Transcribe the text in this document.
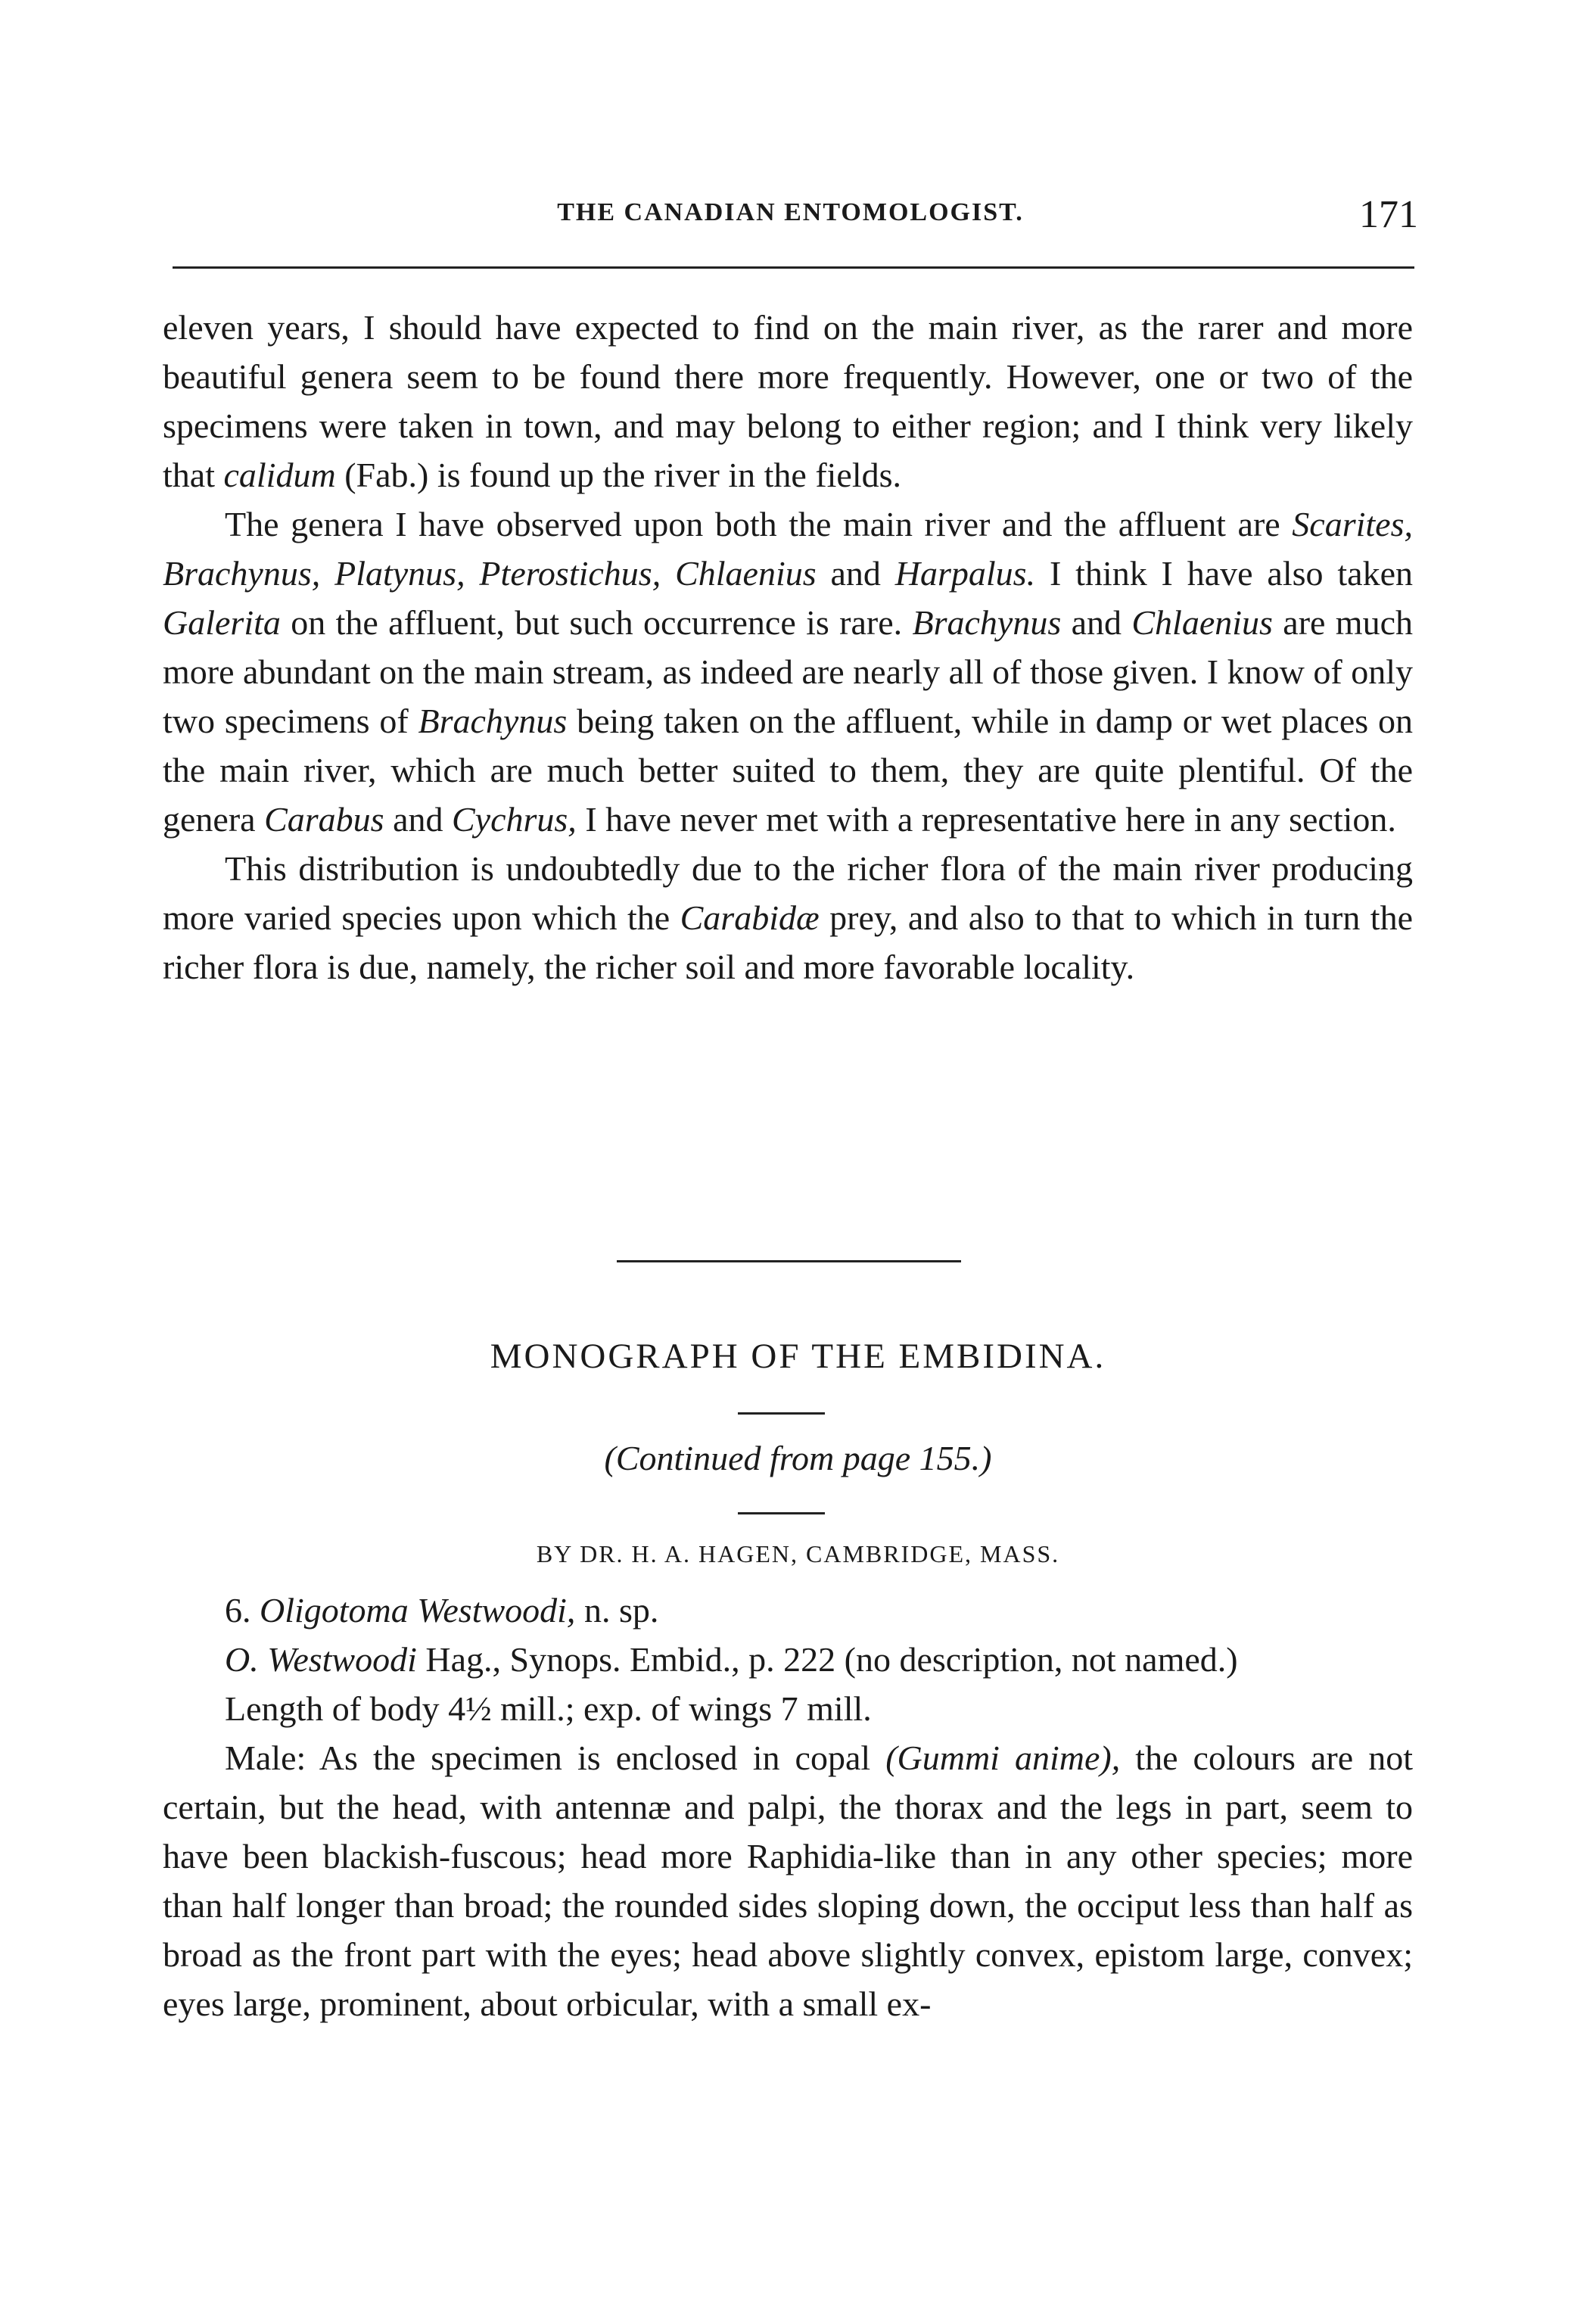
THE CANADIAN ENTOMOLOGIST.	171

eleven years, I should have expected to find on the main river, as the rarer and more beautiful genera seem to be found there more frequently. However, one or two of the specimens were taken in town, and may belong to either region; and I think very likely that calidum (Fab.) is found up the river in the fields.

The genera I have observed upon both the main river and the affluent are Scarites, Brachynus, Platynus, Pterostichus, Chlaenius and Harpalus. I think I have also taken Galerita on the affluent, but such occurrence is rare. Brachynus and Chlaenius are much more abundant on the main stream, as indeed are nearly all of those given. I know of only two specimens of Brachynus being taken on the affluent, while in damp or wet places on the main river, which are much better suited to them, they are quite plentiful. Of the genera Carabus and Cychrus, I have never met with a representative here in any section.

This distribution is undoubtedly due to the richer flora of the main river producing more varied species upon which the Carabidæ prey, and also to that to which in turn the richer flora is due, namely, the richer soil and more favorable locality.

MONOGRAPH OF THE EMBIDINA.
(Continued from page 155.)
BY DR. H. A. HAGEN, CAMBRIDGE, MASS.

6. Oligotoma Westwoodi, n. sp.

O. Westwoodi Hag., Synops. Embid., p. 222 (no description, not named.)

Length of body 4½ mill.; exp. of wings 7 mill.

Male: As the specimen is enclosed in copal (Gummi anime), the colours are not certain, but the head, with antennæ and palpi, the thorax and the legs in part, seem to have been blackish-fuscous; head more Raphidia-like than in any other species; more than half longer than broad; the rounded sides sloping down, the occiput less than half as broad as the front part with the eyes; head above slightly convex, epistom large, convex; eyes large, prominent, about orbicular, with a small ex-
